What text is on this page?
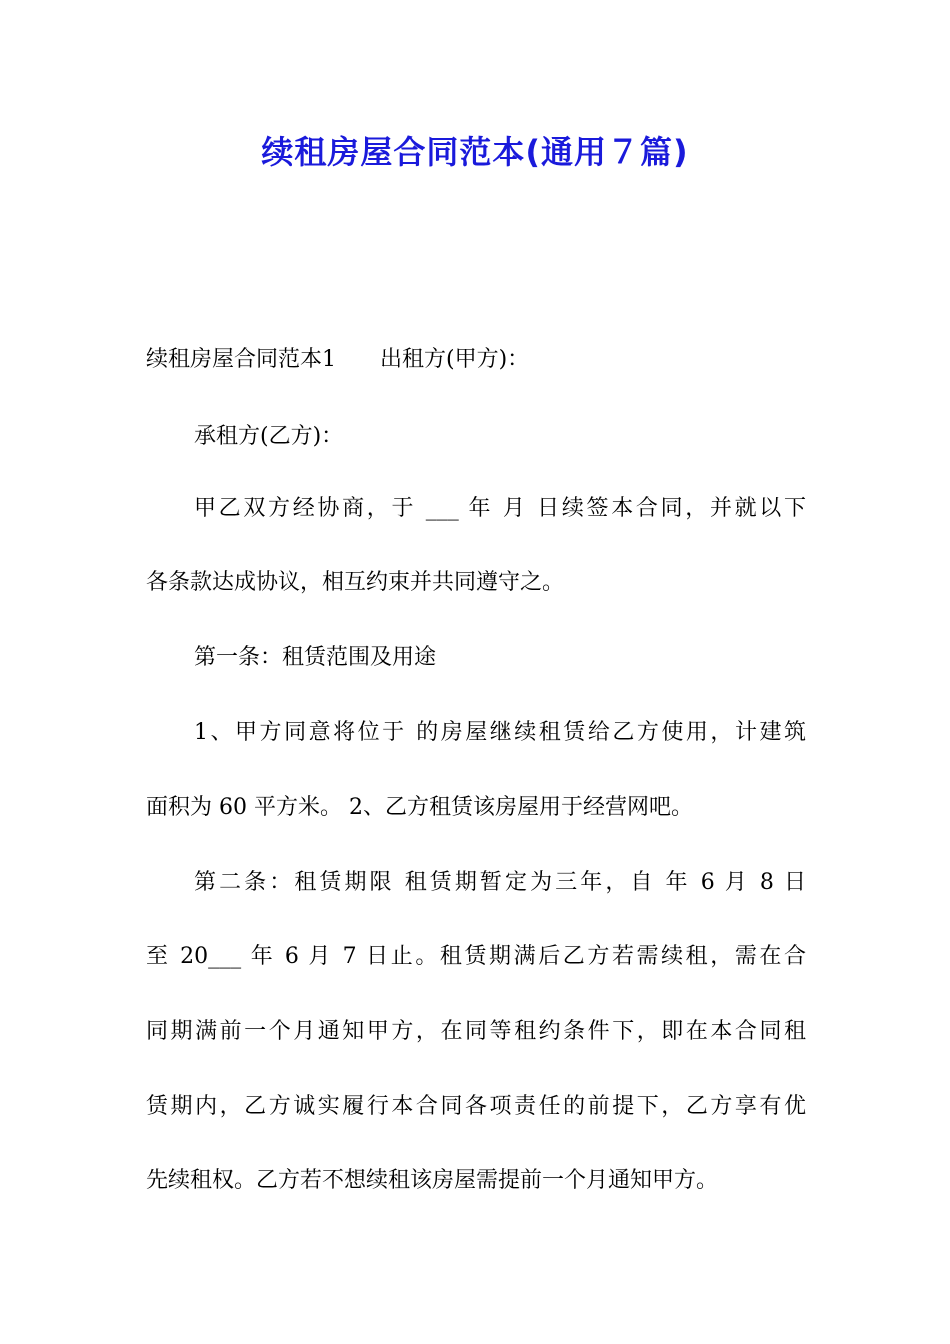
续租房屋合同范本(通用７篇)

续租房屋合同范本1　　出租方(甲方)：

承租方(乙方)：

甲乙双方经协商，于 ___ 年 月 日续签本合同，并就以下

各条款达成协议，相互约束并共同遵守之。

第一条：租赁范围及用途

1、甲方同意将位于 的房屋继续租赁给乙方使用，计建筑

面积为 60 平方米。 2、乙方租赁该房屋用于经营网吧。

第二条：租赁期限 租赁期暂定为三年，自 年 6 月 8 日

至 20___ 年 6 月 7 日止。租赁期满后乙方若需续租，需在合

同期满前一个月通知甲方，在同等租约条件下，即在本合同租

赁期内，乙方诚实履行本合同各项责任的前提下，乙方享有优

先续租权。乙方若不想续租该房屋需提前一个月通知甲方。
